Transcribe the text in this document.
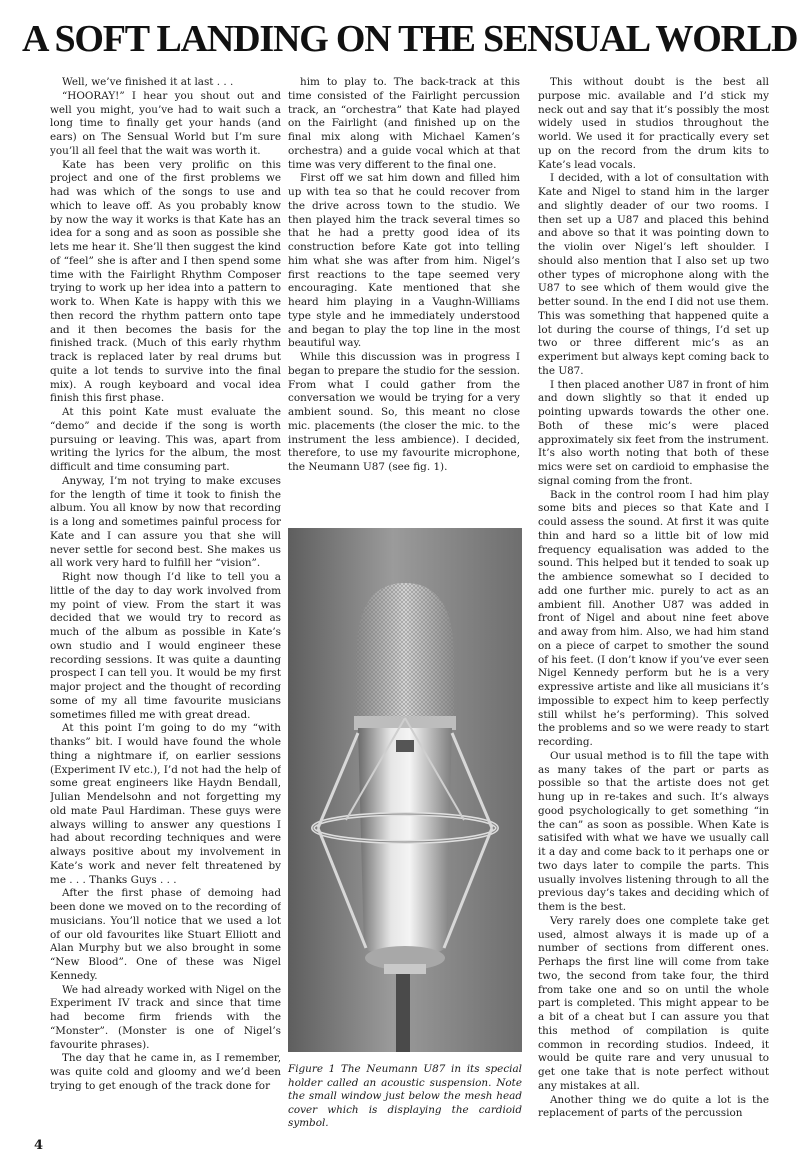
A SOFT LANDING ON THE SENSUAL WORLD

Well, we’ve finished it at last . . .

“HOORAY!” I hear you shout out and well you might, you’ve had to wait such a long time to finally get your hands (and ears) on The Sensual World but I’m sure you’ll all feel that the wait was worth it.

Kate has been very prolific on this project and one of the first problems we had was which of the songs to use and which to leave off. As you probably know by now the way it works is that Kate has an idea for a song and as soon as possible she lets me hear it. She’ll then suggest the kind of “feel” she is after and I then spend some time with the Fairlight Rhythm Composer trying to work up her idea into a pattern to work to. When Kate is happy with this we then record the rhythm pattern onto tape and it then becomes the basis for the finished track. (Much of this early rhythm track is replaced later by real drums but quite a lot tends to survive into the final mix). A rough keyboard and vocal idea finish this first phase.

At this point Kate must evaluate the “demo” and decide if the song is worth pursuing or leaving. This was, apart from writing the lyrics for the album, the most difficult and time consuming part.

Anyway, I’m not trying to make excuses for the length of time it took to finish the album. You all know by now that recording is a long and sometimes painful process for Kate and I can assure you that she will never settle for second best. She makes us all work very hard to fulfill her “vision”.

Right now though I’d like to tell you a little of the day to day work involved from my point of view. From the start it was decided that we would try to record as much of the album as possible in Kate’s own studio and I would engineer these recording sessions. It was quite a daunting prospect I can tell you. It would be my first major project and the thought of recording some of my all time favourite musicians sometimes filled me with great dread.

At this point I’m going to do my “with thanks” bit. I would have found the whole thing a nightmare if, on earlier sessions (Experiment IV etc.), I’d not had the help of some great engineers like Haydn Bendall, Julian Mendelsohn and not forgetting my old mate Paul Hardiman. These guys were always willing to answer any questions I had about recording techniques and were always positive about my involvement in Kate’s work and never felt threatened by me . . . Thanks Guys . . .

After the first phase of demoing had been done we moved on to the recording of musicians. You’ll notice that we used a lot of our old favourites like Stuart Elliott and Alan Murphy but we also brought in some “New Blood”. One of these was Nigel Kennedy.

We had already worked with Nigel on the Experiment IV track and since that time had become firm friends with the “Monster”. (Monster is one of Nigel’s favourite phrases).

The day that he came in, as I remember, was quite cold and gloomy and we’d been trying to get enough of the track done for

him to play to. The back-track at this time consisted of the Fairlight percussion track, an “orchestra” that Kate had played on the Fairlight (and finished up on the final mix along with Michael Kamen’s orchestra) and a guide vocal which at that time was very different to the final one.

First off we sat him down and filled him up with tea so that he could recover from the drive across town to the studio. We then played him the track several times so that he had a pretty good idea of its construction before Kate got into telling him what she was after from him. Nigel’s first reactions to the tape seemed very encouraging. Kate mentioned that she heard him playing in a Vaughn-Williams type style and he immediately understood and began to play the top line in the most beautiful way.

While this discussion was in progress I began to prepare the studio for the session. From what I could gather from the conversation we would be trying for a very ambient sound. So, this meant no close mic. placements (the closer the mic. to the instrument the less ambience). I decided, therefore, to use my favourite microphone, the Neumann U87 (see fig. 1).

Figure 1 The Neumann U87 in its special holder called an acoustic suspension. Note the small window just below the mesh head cover which is displaying the cardioid symbol.

This without doubt is the best all purpose mic. available and I’d stick my neck out and say that it’s possibly the most widely used in studios throughout the world. We used it for practically every set up on the record from the drum kits to Kate’s lead vocals.

I decided, with a lot of consultation with Kate and Nigel to stand him in the larger and slightly deader of our two rooms. I then set up a U87 and placed this behind and above so that it was pointing down to the violin over Nigel’s left shoulder. I should also mention that I also set up two other types of microphone along with the U87 to see which of them would give the better sound. In the end I did not use them. This was something that happened quite a lot during the course of things, I’d set up two or three different mic’s as an experiment but always kept coming back to the U87.

I then placed another U87 in front of him and down slightly so that it ended up pointing upwards towards the other one. Both of these mic’s were placed approximately six feet from the instrument. It’s also worth noting that both of these mics were set on cardioid to emphasise the signal coming from the front.

Back in the control room I had him play some bits and pieces so that Kate and I could assess the sound. At first it was quite thin and hard so a little bit of low mid frequency equalisation was added to the sound. This helped but it tended to soak up the ambience somewhat so I decided to add one further mic. purely to act as an ambient fill. Another U87 was added in front of Nigel and about nine feet above and away from him. Also, we had him stand on a piece of carpet to smother the sound of his feet. (I don’t know if you’ve ever seen Nigel Kennedy perform but he is a very expressive artiste and like all musicians it’s impossible to expect him to keep perfectly still whilst he’s performing). This solved the problems and so we were ready to start recording.

Our usual method is to fill the tape with as many takes of the part or parts as possible so that the artiste does not get hung up in re-takes and such. It’s always good psychologically to get something “in the can” as soon as possible. When Kate is satisifed with what we have we usually call it a day and come back to it perhaps one or two days later to compile the parts. This usually involves listening through to all the previous day’s takes and deciding which of them is the best.

Very rarely does one complete take get used, almost always it is made up of a number of sections from different ones. Perhaps the first line will come from take two, the second from take four, the third from take one and so on until the whole part is completed. This might appear to be a bit of a cheat but I can assure you that this method of compilation is quite common in recording studios. Indeed, it would be quite rare and very unusual to get one take that is note perfect without any mistakes at all.

Another thing we do quite a lot is the replacement of parts of the percussion

4
